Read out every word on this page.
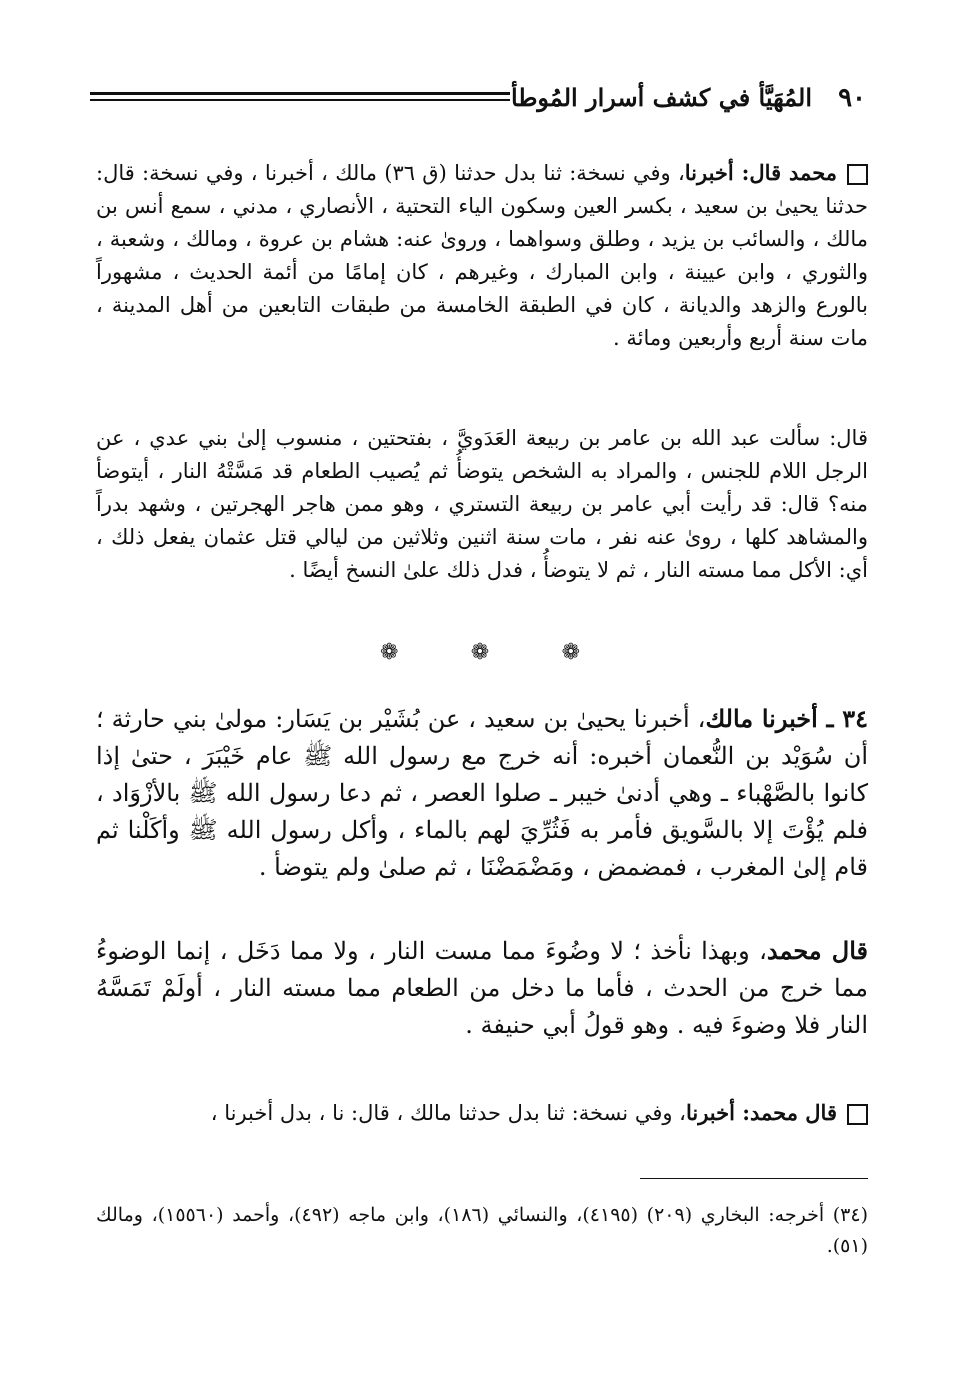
٩٠
المُهَيَّأ في كشف أسرار المُوطأ
محمد قال: أخبرنا، وفي نسخة: ثنا بدل حدثنا (ق ٣٦) مالك ، أخبرنا ، وفي نسخة: قال: حدثنا يحيىٰ بن سعيد ، بكسر العين وسكون الياء التحتية ، الأنصاري ، مدني ، سمع أنس بن مالك ، والسائب بن يزيد ، وطلق وسواهما ، وروىٰ عنه: هشام بن عروة ، ومالك ، وشعبة ، والثوري ، وابن عيينة ، وابن المبارك ، وغيرهم ، كان إمامًا من أئمة الحديث ، مشهوراً بالورع والزهد والديانة ، كان في الطبقة الخامسة من طبقات التابعين من أهل المدينة ، مات سنة أربع وأربعين ومائة .
قال: سألت عبد الله بن عامر بن ربيعة العَدَويَّ ، بفتحتين ، منسوب إلىٰ بني عدي ، عن الرجل اللام للجنس ، والمراد به الشخص يتوضأُ ثم يُصيب الطعام قد مَسَّتْهُ النار ، أيتوضأ منه؟ قال: قد رأيت أبي عامر بن ربيعة التستري ، وهو ممن هاجر الهجرتين ، وشهد بدراً والمشاهد كلها ، روىٰ عنه نفر ، مات سنة اثنين وثلاثين من ليالي قتل عثمان يفعل ذلك ، أي: الأكل مما مسته النار ، ثم لا يتوضأُ ، فدل ذلك علىٰ النسخ أيضًا .
❁	❁	❁
٣٤ ـ أخبرنا مالك، أخبرنا يحيىٰ بن سعيد ، عن بُشَيْر بن يَسَار: مولىٰ بني حارثة ؛ أن سُوَيْد بن النُّعمان أخبره: أنه خرج مع رسول الله ﷺ عام خَيْبَرَ ، حتىٰ إذا كانوا بالصَّهْباء ـ وهي أدنىٰ خيبر ـ صلوا العصر ، ثم دعا رسول الله ﷺ بالأزْوَاد ، فلم يُؤْتَ إلا بالسَّويق فأمر به فَثُرِّيَ لهم بالماء ، وأكل رسول الله ﷺ وأكَلْنا ثم قام إلىٰ المغرب ، فمضمض ، ومَضْمَضْنَا ، ثم صلىٰ ولم يتوضأ .
قال محمد، وبهذا نأخذ ؛ لا وضُوءَ مما مست النار ، ولا مما دَخَل ، إنما الوضوءُ مما خرج من الحدث ، فأما ما دخل من الطعام مما مسته النار ، أولَمْ تَمَسَّهُ النار فلا وضوءَ فيه . وهو قولُ أبي حنيفة .
قال محمد: أخبرنا، وفي نسخة: ثنا بدل حدثنا مالك ، قال: نا ، بدل أخبرنا ،
(٣٤) أخرجه: البخاري (٢٠٩) (٤١٩٥)، والنسائي (١٨٦)، وابن ماجه (٤٩٢)، وأحمد (١٥٥٦٠)، ومالك (٥١).
